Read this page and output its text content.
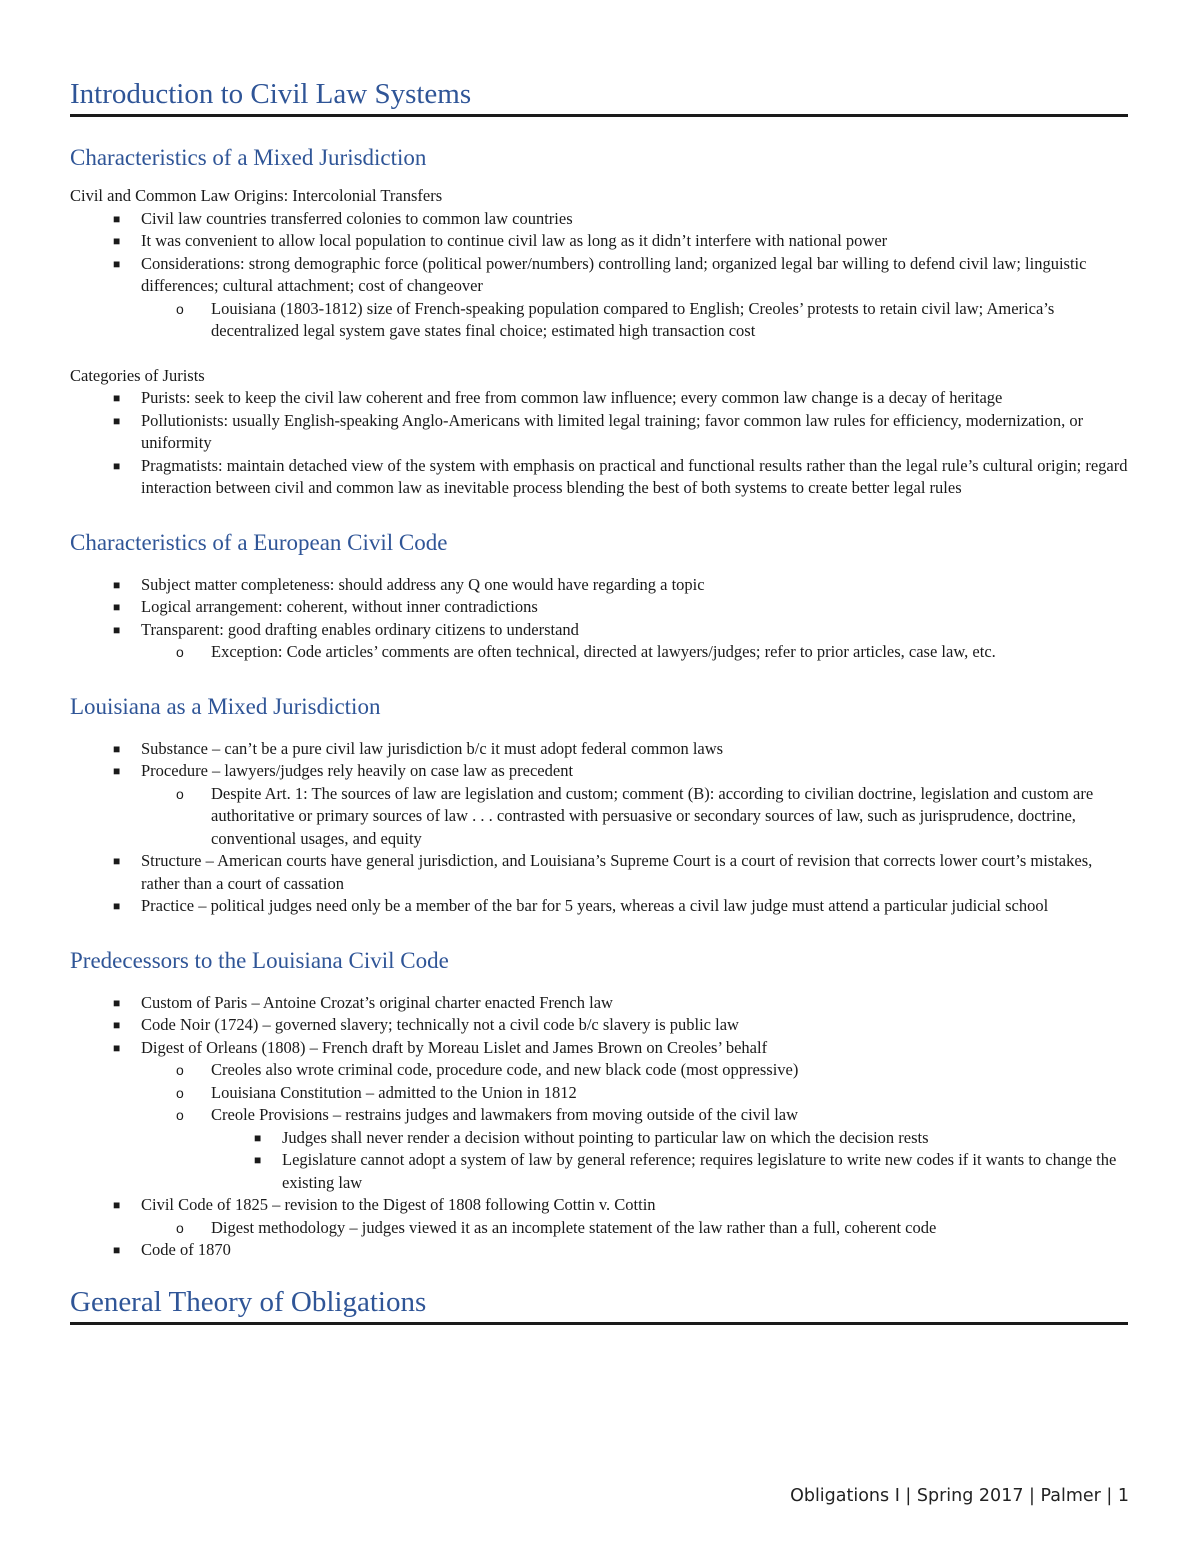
Introduction to Civil Law Systems
Characteristics of a Mixed Jurisdiction

Civil and Common Law Origins: Intercolonial Transfers

■ Civil law countries transferred colonies to common law countries
■ It was convenient to allow local population to continue civil law as long as it didn’t interfere with national power
■ Considerations: strong demographic force (political power/numbers) controlling land; organized legal bar willing to defend civil law; linguistic differences; cultural attachment; cost of changeover
o Louisiana (1803-1812) size of French-speaking population compared to English; Creoles’ protests to retain civil law; America’s decentralized legal system gave states final choice; estimated high transaction cost

Categories of Jurists

■ Purists: seek to keep the civil law coherent and free from common law influence; every common law change is a decay of heritage
■ Pollutionists: usually English-speaking Anglo-Americans with limited legal training; favor common law rules for efficiency, modernization, or uniformity
■ Pragmatists: maintain detached view of the system with emphasis on practical and functional results rather than the legal rule’s cultural origin; regard interaction between civil and common law as inevitable process blending the best of both systems to create better legal rules
Characteristics of a European Civil Code
■ Subject matter completeness: should address any Q one would have regarding a topic
■ Logical arrangement: coherent, without inner contradictions
■ Transparent: good drafting enables ordinary citizens to understand
o Exception: Code articles’ comments are often technical, directed at lawyers/judges; refer to prior articles, case law, etc.
Louisiana as a Mixed Jurisdiction
■ Substance – can’t be a pure civil law jurisdiction b/c it must adopt federal common laws
■ Procedure – lawyers/judges rely heavily on case law as precedent
o Despite Art. 1: The sources of law are legislation and custom; comment (B): according to civilian doctrine, legislation and custom are authoritative or primary sources of law . . . contrasted with persuasive or secondary sources of law, such as jurisprudence, doctrine, conventional usages, and equity
■ Structure – American courts have general jurisdiction, and Louisiana’s Supreme Court is a court of revision that corrects lower court’s mistakes, rather than a court of cassation
■ Practice – political judges need only be a member of the bar for 5 years, whereas a civil law judge must attend a particular judicial school
Predecessors to the Louisiana Civil Code
■ Custom of Paris – Antoine Crozat’s original charter enacted French law
■ Code Noir (1724) – governed slavery; technically not a civil code b/c slavery is public law
■ Digest of Orleans (1808) – French draft by Moreau Lislet and James Brown on Creoles’ behalf
o Creoles also wrote criminal code, procedure code, and new black code (most oppressive)
o Louisiana Constitution – admitted to the Union in 1812
o Creole Provisions – restrains judges and lawmakers from moving outside of the civil law
■ Judges shall never render a decision without pointing to particular law on which the decision rests
■ Legislature cannot adopt a system of law by general reference; requires legislature to write new codes if it wants to change the existing law
■ Civil Code of 1825 – revision to the Digest of 1808 following Cottin v. Cottin
o Digest methodology – judges viewed it as an incomplete statement of the law rather than a full, coherent code
■ Code of 1870
General Theory of Obligations
Obligations I | Spring 2017 | Palmer | 1
